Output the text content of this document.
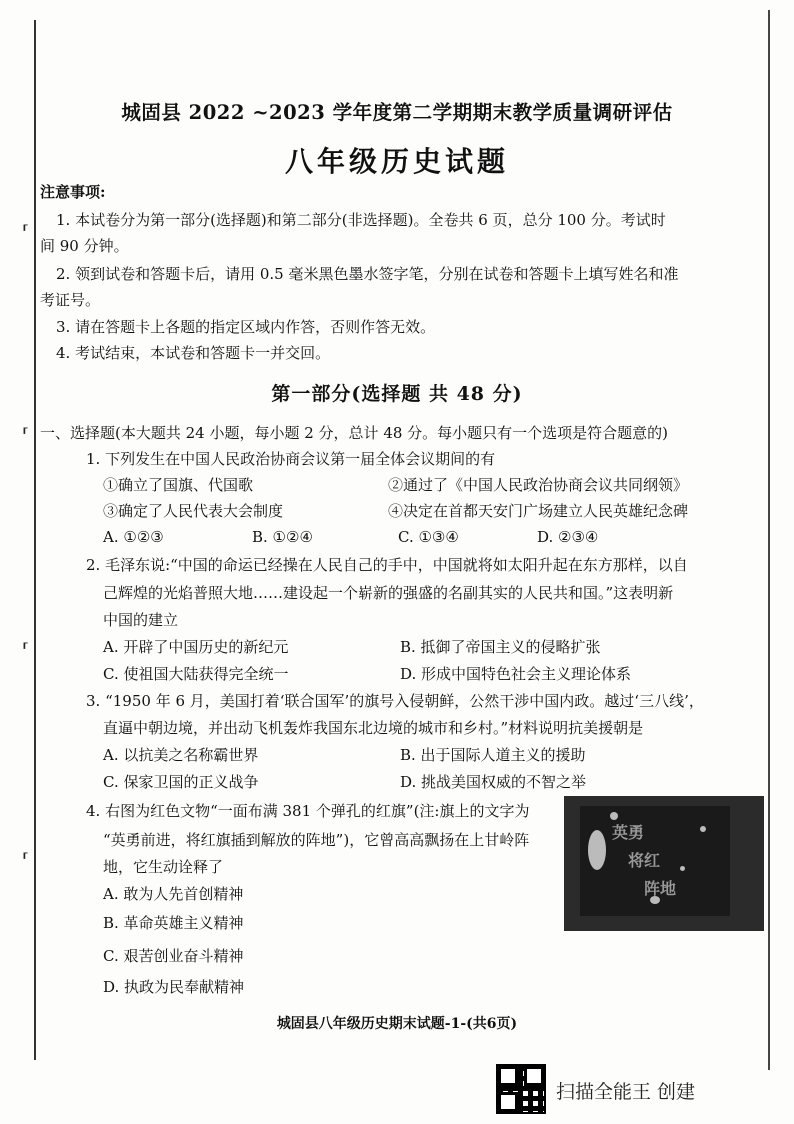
⸢
⸢
⸢
⸢
城固县 2022 ~2023 学年度第二学期期末教学质量调研评估
八年级历史试题
注意事项:
1. 本试卷分为第一部分(选择题)和第二部分(非选择题)。全卷共 6 页，总分 100 分。考试时
间 90 分钟。
2. 领到试卷和答题卡后，请用 0.5 毫米黑色墨水签字笔，分别在试卷和答题卡上填写姓名和准
考证号。
3. 请在答题卡上各题的指定区域内作答，否则作答无效。
4. 考试结束，本试卷和答题卡一并交回。
第一部分(选择题 共 48 分)
一、选择题(本大题共 24 小题，每小题 2 分，总计 48 分。每小题只有一个选项是符合题意的)
1. 下列发生在中国人民政治协商会议第一届全体会议期间的有
①确立了国旗、代国歌	②通过了《中国人民政治协商会议共同纲领》
③确定了人民代表大会制度	④决定在首都天安门广场建立人民英雄纪念碑
A. ①②③	B. ①②④	C. ①③④	D. ②③④
2. 毛泽东说:“中国的命运已经操在人民自己的手中，中国就将如太阳升起在东方那样，以自
己辉煌的光焰普照大地……建设起一个崭新的强盛的名副其实的人民共和国。”这表明新
中国的建立
A. 开辟了中国历史的新纪元	B. 抵御了帝国主义的侵略扩张
C. 使祖国大陆获得完全统一	D. 形成中国特色社会主义理论体系
3. “1950 年 6 月，美国打着‘联合国军’的旗号入侵朝鲜，公然干涉中国内政。越过‘三八线’，
直逼中朝边境，并出动飞机轰炸我国东北边境的城市和乡村。”材料说明抗美援朝是
A. 以抗美之名称霸世界	B. 出于国际人道主义的援助
C. 保家卫国的正义战争	D. 挑战美国权威的不智之举
4. 右图为红色文物“一面布满 381 个弹孔的红旗”(注:旗上的文字为
“英勇前进，将红旗插到解放的阵地”)，它曾高高飘扬在上甘岭阵
地，它生动诠释了
A. 敢为人先首创精神
B. 革命英雄主义精神
C. 艰苦创业奋斗精神
D. 执政为民奉献精神
英勇
将红
阵地
城固县八年级历史期末试题-1-(共6页)
扫描全能王 创建
